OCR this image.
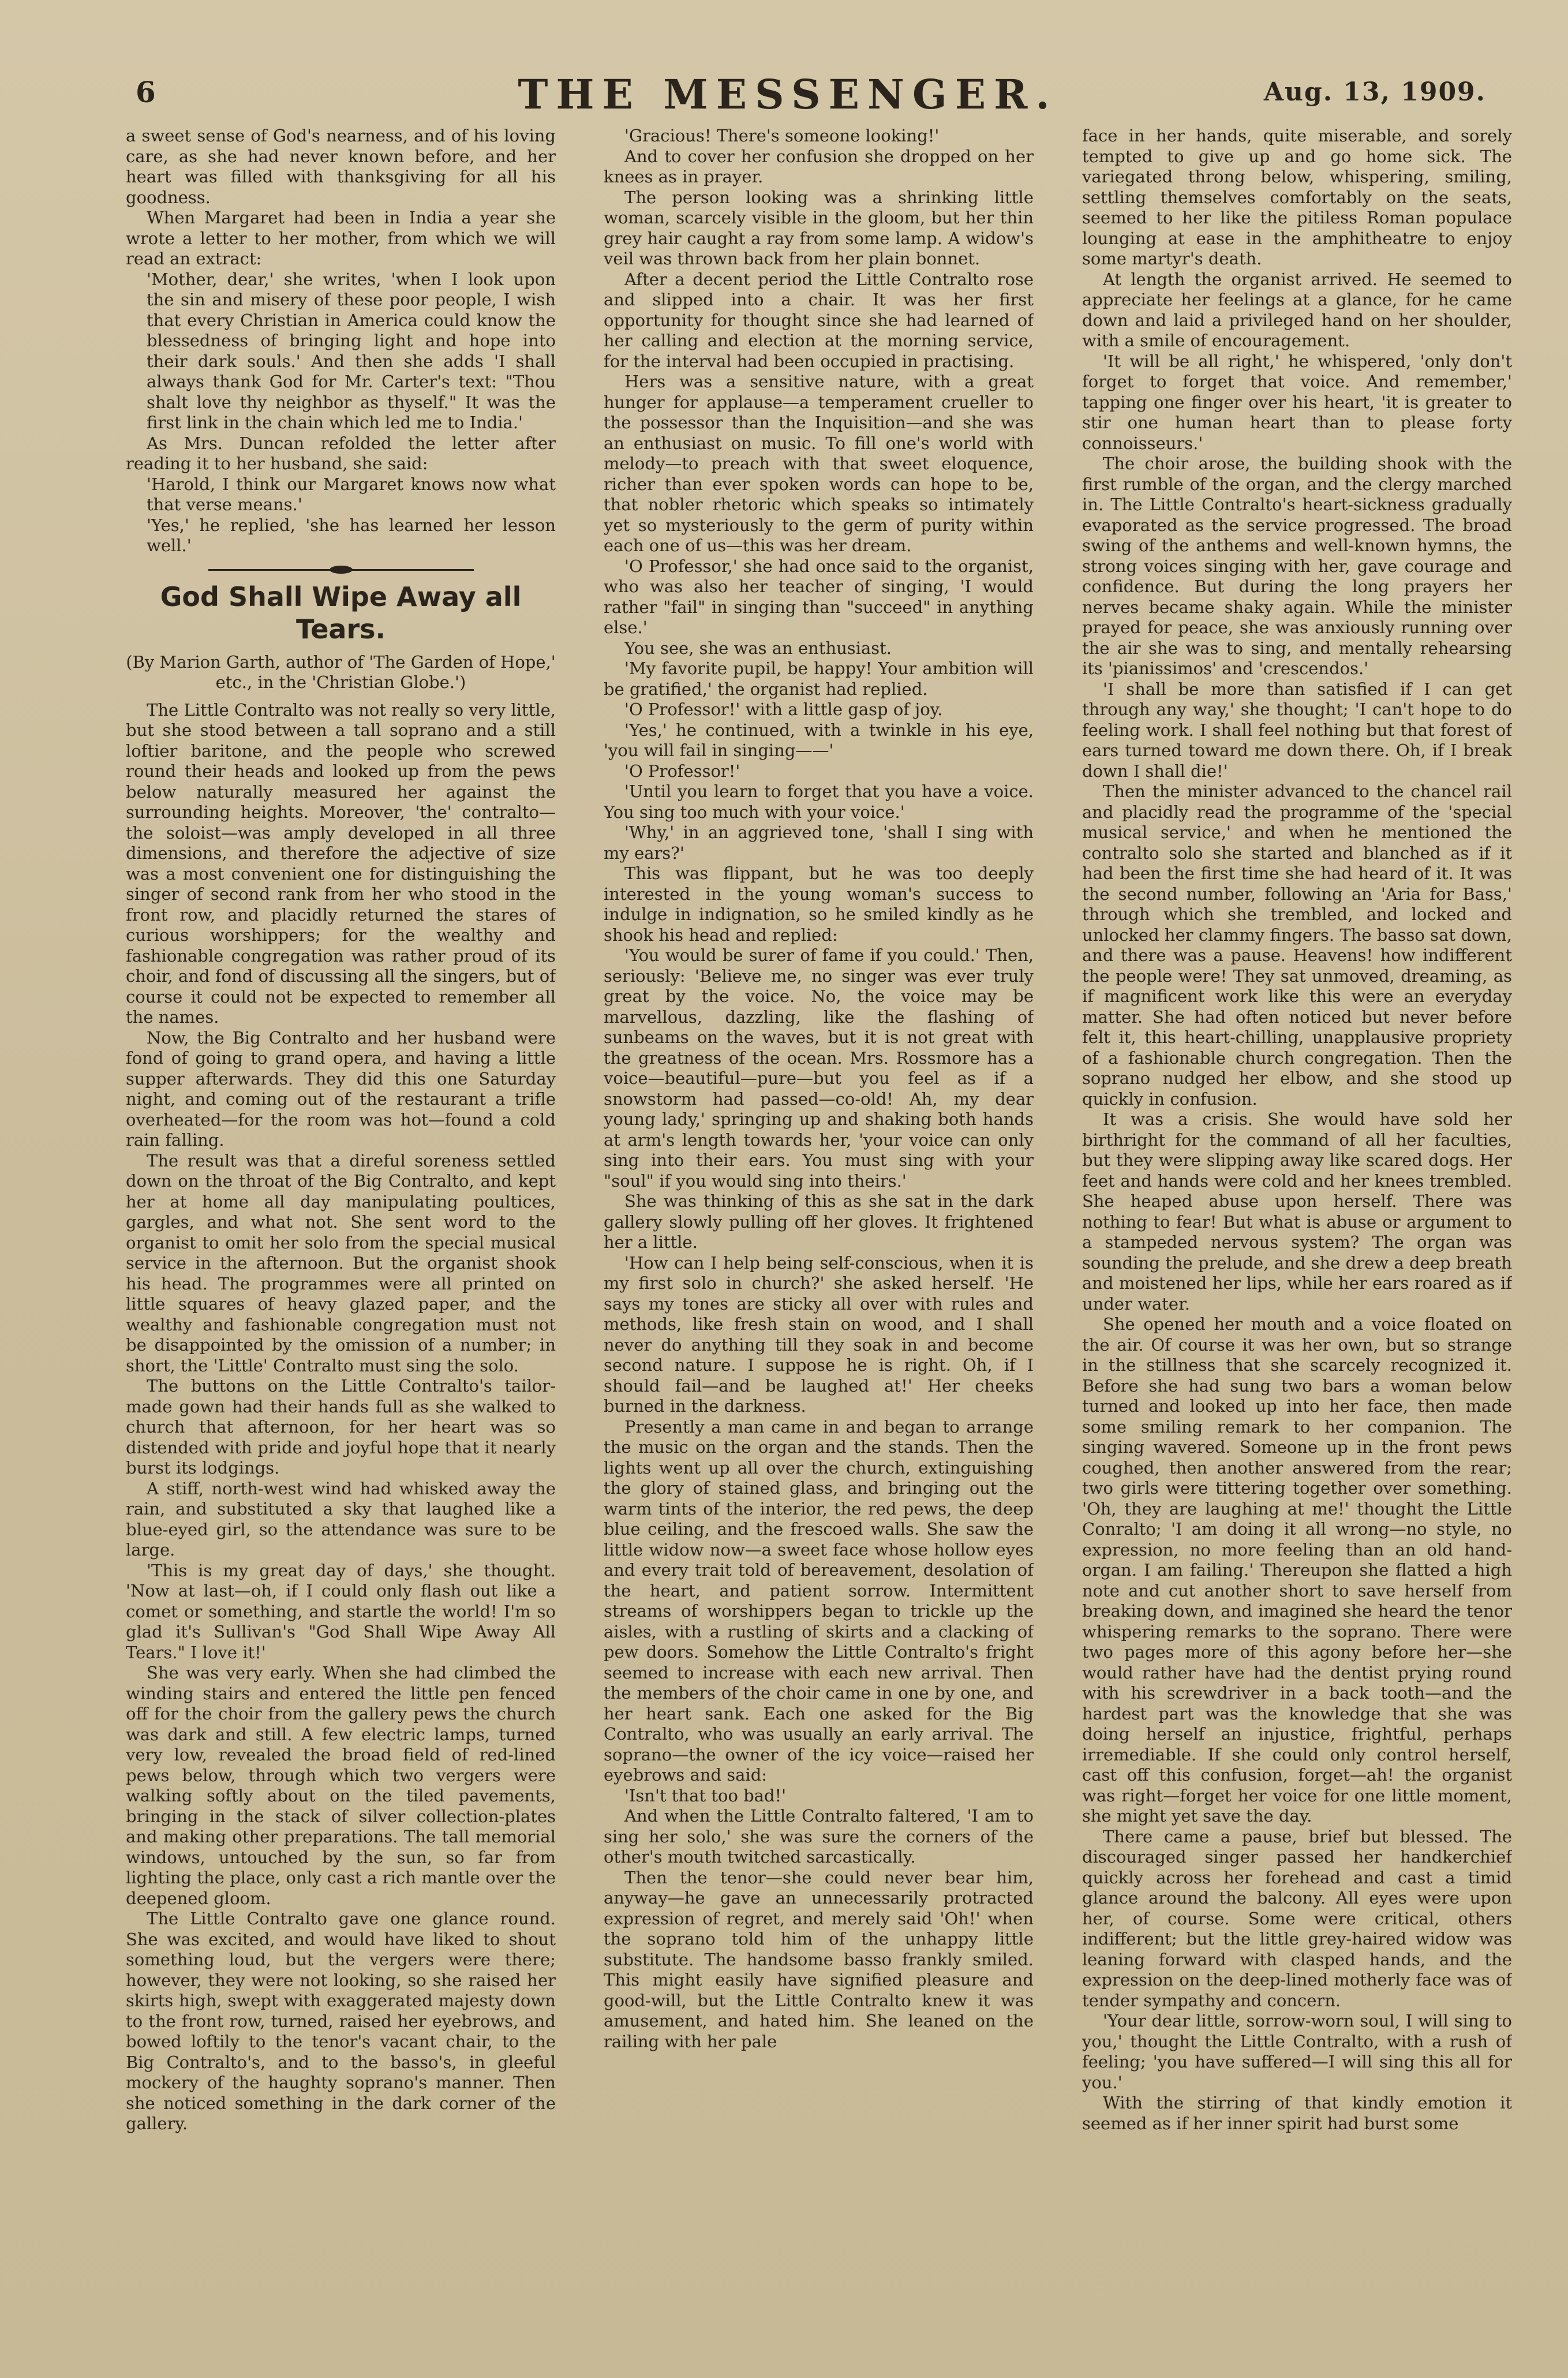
6	THE MESSENGER.	Aug. 13, 1909.

a sweet sense of God's nearness, and of his loving care, as she had never known before, and her heart was filled with thanksgiving for all his goodness.

When Margaret had been in India a year she wrote a letter to her mother, from which we will read an extract:

'Mother, dear,' she writes, 'when I look upon the sin and misery of these poor people, I wish that every Christian in America could know the blessedness of bringing light and hope into their dark souls.' And then she adds 'I shall always thank God for Mr. Carter's text: "Thou shalt love thy neighbor as thyself." It was the first link in the chain which led me to India.'

As Mrs. Duncan refolded the letter after reading it to her husband, she said:

'Harold, I think our Margaret knows now what that verse means.'

'Yes,' he replied, 'she has learned her lesson well.'

God Shall Wipe Away all Tears.

(By Marion Garth, author of 'The Garden of Hope,' etc., in the 'Christian Globe.')

The Little Contralto was not really so very little, but she stood between a tall soprano and a still loftier baritone, and the people who screwed round their heads and looked up from the pews below naturally measured her against the surrounding heights. Moreover, 'the' contralto—the soloist—was amply developed in all three dimensions, and therefore the adjective of size was a most convenient one for distinguishing the singer of second rank from her who stood in the front row, and placidly returned the stares of curious worshippers; for the wealthy and fashionable congregation was rather proud of its choir, and fond of discussing all the singers, but of course it could not be expected to remember all the names.

Now, the Big Contralto and her husband were fond of going to grand opera, and having a little supper afterwards. They did this one Saturday night, and coming out of the restaurant a trifle overheated—for the room was hot—found a cold rain falling.

The result was that a direful soreness settled down on the throat of the Big Contralto, and kept her at home all day manipulating poultices, gargles, and what not. She sent word to the organist to omit her solo from the special musical service in the afternoon. But the organist shook his head. The programmes were all printed on little squares of heavy glazed paper, and the wealthy and fashionable congregation must not be disappointed by the omission of a number; in short, the 'Little' Contralto must sing the solo.

The buttons on the Little Contralto's tailor-made gown had their hands full as she walked to church that afternoon, for her heart was so distended with pride and joyful hope that it nearly burst its lodgings.

A stiff, north-west wind had whisked away the rain, and substituted a sky that laughed like a blue-eyed girl, so the attendance was sure to be large.

'This is my great day of days,' she thought. 'Now at last—oh, if I could only flash out like a comet or something, and startle the world! I'm so glad it's Sullivan's "God Shall Wipe Away All Tears." I love it!'

She was very early. When she had climbed the winding stairs and entered the little pen fenced off for the choir from the gallery pews the church was dark and still. A few electric lamps, turned very low, revealed the broad field of red-lined pews below, through which two vergers were walking softly about on the tiled pavements, bringing in the stack of silver collection-plates and making other preparations. The tall memorial windows, untouched by the sun, so far from lighting the place, only cast a rich mantle over the deepened gloom.

The Little Contralto gave one glance round. She was excited, and would have liked to shout something loud, but the vergers were there; however, they were not looking, so she raised her skirts high, swept with exaggerated majesty down to the front row, turned, raised her eyebrows, and bowed loftily to the tenor's vacant chair, to the Big Contralto's, and to the basso's, in gleeful mockery of the haughty soprano's manner. Then she noticed something in the dark corner of the gallery.

'Gracious! There's someone looking!'

And to cover her confusion she dropped on her knees as in prayer.

The person looking was a shrinking little woman, scarcely visible in the gloom, but her thin grey hair caught a ray from some lamp. A widow's veil was thrown back from her plain bonnet.

After a decent period the Little Contralto rose and slipped into a chair. It was her first opportunity for thought since she had learned of her calling and election at the morning service, for the interval had been occupied in practising.

Hers was a sensitive nature, with a great hunger for applause—a temperament crueller to the possessor than the Inquisition—and she was an enthusiast on music. To fill one's world with melody—to preach with that sweet eloquence, richer than ever spoken words can hope to be, that nobler rhetoric which speaks so intimately yet so mysteriously to the germ of purity within each one of us—this was her dream.

'O Professor,' she had once said to the organist, who was also her teacher of singing, 'I would rather "fail" in singing than "succeed" in anything else.'

You see, she was an enthusiast.

'My favorite pupil, be happy! Your ambition will be gratified,' the organist had replied.

'O Professor!' with a little gasp of joy.

'Yes,' he continued, with a twinkle in his eye, 'you will fail in singing——'

'O Professor!'

'Until you learn to forget that you have a voice. You sing too much with your voice.'

'Why,' in an aggrieved tone, 'shall I sing with my ears?'

This was flippant, but he was too deeply interested in the young woman's success to indulge in indignation, so he smiled kindly as he shook his head and replied:

'You would be surer of fame if you could.' Then, seriously: 'Believe me, no singer was ever truly great by the voice. No, the voice may be marvellous, dazzling, like the flashing of sunbeams on the waves, but it is not great with the greatness of the ocean. Mrs. Rossmore has a voice—beautiful—pure—but you feel as if a snowstorm had passed—co-old! Ah, my dear young lady,' springing up and shaking both hands at arm's length towards her, 'your voice can only sing into their ears. You must sing with your "soul" if you would sing into theirs.'

She was thinking of this as she sat in the dark gallery slowly pulling off her gloves. It frightened her a little.

'How can I help being self-conscious, when it is my first solo in church?' she asked herself. 'He says my tones are sticky all over with rules and methods, like fresh stain on wood, and I shall never do anything till they soak in and become second nature. I suppose he is right. Oh, if I should fail—and be laughed at!' Her cheeks burned in the darkness.

Presently a man came in and began to arrange the music on the organ and the stands. Then the lights went up all over the church, extinguishing the glory of stained glass, and bringing out the warm tints of the interior, the red pews, the deep blue ceiling, and the frescoed walls. She saw the little widow now—a sweet face whose hollow eyes and every trait told of bereavement, desolation of the heart, and patient sorrow. Intermittent streams of worshippers began to trickle up the aisles, with a rustling of skirts and a clacking of pew doors. Somehow the Little Contralto's fright seemed to increase with each new arrival. Then the members of the choir came in one by one, and her heart sank. Each one asked for the Big Contralto, who was usually an early arrival. The soprano—the owner of the icy voice—raised her eyebrows and said:

'Isn't that too bad!'

And when the Little Contralto faltered, 'I am to sing her solo,' she was sure the corners of the other's mouth twitched sarcastically.

Then the tenor—she could never bear him, anyway—he gave an unnecessarily protracted expression of regret, and merely said 'Oh!' when the soprano told him of the unhappy little substitute. The handsome basso frankly smiled. This might easily have signified pleasure and good-will, but the Little Contralto knew it was amusement, and hated him. She leaned on the railing with her pale

face in her hands, quite miserable, and sorely tempted to give up and go home sick. The variegated throng below, whispering, smiling, settling themselves comfortably on the seats, seemed to her like the pitiless Roman populace lounging at ease in the amphitheatre to enjoy some martyr's death.

At length the organist arrived. He seemed to appreciate her feelings at a glance, for he came down and laid a privileged hand on her shoulder, with a smile of encouragement.

'It will be all right,' he whispered, 'only don't forget to forget that voice. And remember,' tapping one finger over his heart, 'it is greater to stir one human heart than to please forty connoisseurs.'

The choir arose, the building shook with the first rumble of the organ, and the clergy marched in. The Little Contralto's heart-sickness gradually evaporated as the service progressed. The broad swing of the anthems and well-known hymns, the strong voices singing with her, gave courage and confidence. But during the long prayers her nerves became shaky again. While the minister prayed for peace, she was anxiously running over the air she was to sing, and mentally rehearsing its 'pianissimos' and 'crescendos.'

'I shall be more than satisfied if I can get through any way,' she thought; 'I can't hope to do feeling work. I shall feel nothing but that forest of ears turned toward me down there. Oh, if I break down I shall die!'

Then the minister advanced to the chancel rail and placidly read the programme of the 'special musical service,' and when he mentioned the contralto solo she started and blanched as if it had been the first time she had heard of it. It was the second number, following an 'Aria for Bass,' through which she trembled, and locked and unlocked her clammy fingers. The basso sat down, and there was a pause. Heavens! how indifferent the people were! They sat unmoved, dreaming, as if magnificent work like this were an everyday matter. She had often noticed but never before felt it, this heart-chilling, unapplausive propriety of a fashionable church congregation. Then the soprano nudged her elbow, and she stood up quickly in confusion.

It was a crisis. She would have sold her birthright for the command of all her faculties, but they were slipping away like scared dogs. Her feet and hands were cold and her knees trembled. She heaped abuse upon herself. There was nothing to fear! But what is abuse or argument to a stampeded nervous system? The organ was sounding the prelude, and she drew a deep breath and moistened her lips, while her ears roared as if under water.

She opened her mouth and a voice floated on the air. Of course it was her own, but so strange in the stillness that she scarcely recognized it. Before she had sung two bars a woman below turned and looked up into her face, then made some smiling remark to her companion. The singing wavered. Someone up in the front pews coughed, then another answered from the rear; two girls were tittering together over something. 'Oh, they are laughing at me!' thought the Little Conralto; 'I am doing it all wrong—no style, no expression, no more feeling than an old hand-organ. I am failing.' Thereupon she flatted a high note and cut another short to save herself from breaking down, and imagined she heard the tenor whispering remarks to the soprano. There were two pages more of this agony before her—she would rather have had the dentist prying round with his screwdriver in a back tooth—and the hardest part was the knowledge that she was doing herself an injustice, frightful, perhaps irremediable. If she could only control herself, cast off this confusion, forget—ah! the organist was right—forget her voice for one little moment, she might yet save the day.

There came a pause, brief but blessed. The discouraged singer passed her handkerchief quickly across her forehead and cast a timid glance around the balcony. All eyes were upon her, of course. Some were critical, others indifferent; but the little grey-haired widow was leaning forward with clasped hands, and the expression on the deep-lined motherly face was of tender sympathy and concern.

'Your dear little, sorrow-worn soul, I will sing to you,' thought the Little Contralto, with a rush of feeling; 'you have suffered—I will sing this all for you.'

With the stirring of that kindly emotion it seemed as if her inner spirit had burst some
